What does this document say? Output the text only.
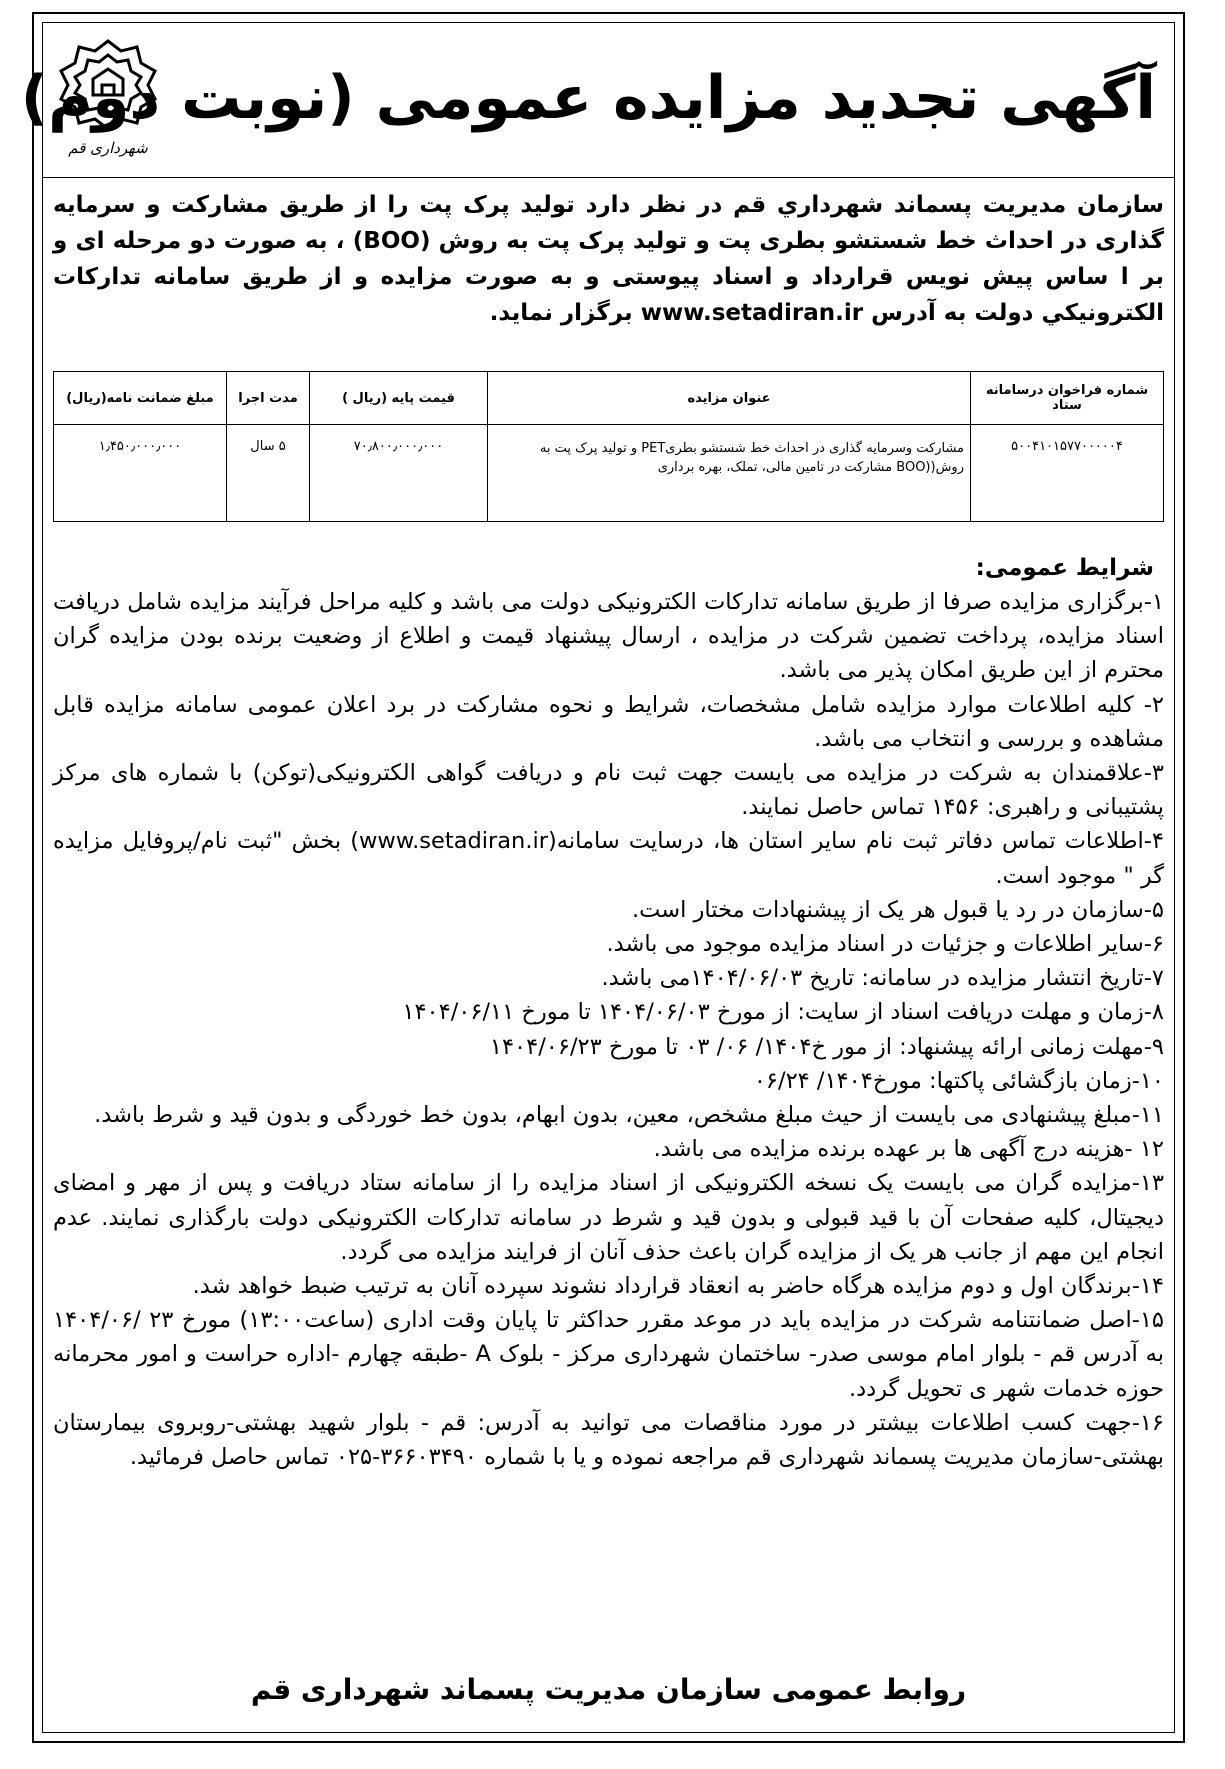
آگهی تجدید مزایده عمومی (نوبت دوم)
شهرداری قم
سازمان مدیریت پسماند شهرداري قم در نظر دارد تولید پرک پت را از طریق مشارکت و سرمایه گذاری در احداث خط شستشو بطری پت و تولید پرک پت به روش (BOO) ، به صورت دو مرحله ای و بر ا ساس پیش نویس قرارداد و اسناد پیوستی و به صورت مزایده و از طریق سامانه تدارکات الکترونیکي دولت به آدرس www.setadiran.ir برگزار نماید.
شماره فراخوان درسامانه ستاد	عنوان مزایده	قیمت پایه (ریال )	مدت اجرا	مبلغ ضمانت نامه(ریال)
۵۰۰۴۱۰۱۵۷۷۰۰۰۰۰۴	مشارکت وسرمایه گذاری در احداث خط شستشو بطریPET و تولید پرک پت به روش((BOO مشارکت در تامین مالی، تملک، بهره برداری	۷۰٫۸۰۰٫۰۰۰٫۰۰۰	۵ سال	۱٫۴۵۰٫۰۰۰٫۰۰۰
شرایط عمومی:
۱-برگزاری مزایده صرفا از طریق سامانه تدارکات الکترونیکی دولت می باشد و کلیه مراحل فرآیند مزایده شامل دریافت اسناد مزایده، پرداخت تضمین شرکت در مزایده ، ارسال پیشنهاد قیمت و اطلاع از وضعیت برنده بودن مزایده گران محترم از این طریق امکان پذیر می باشد.
۲- کلیه اطلاعات موارد مزایده شامل مشخصات، شرایط و نحوه مشارکت در برد اعلان عمومی سامانه مزایده قابل مشاهده و بررسی و انتخاب می باشد.
۳-علاقمندان به شرکت در مزایده می بایست جهت ثبت نام و دریافت گواهی الکترونیکی(توکن) با شماره های مرکز پشتیبانی و راهبری: ۱۴۵۶ تماس حاصل نمایند.
۴-اطلاعات تماس دفاتر ثبت نام سایر استان ها، درسایت سامانه(www.setadiran.ir) بخش "ثبت نام/پروفایل مزایده گر " موجود است.
۵-سازمان در رد یا قبول هر یک از پیشنهادات مختار است.
۶-سایر اطلاعات و جزئیات در اسناد مزایده موجود می باشد.
۷-تاریخ انتشار مزایده در سامانه: تاریخ ۱۴۰۴/۰۶/۰۳می باشد.
۸-زمان و مهلت دریافت اسناد از سایت: از مورخ ۱۴۰۴/۰۶/۰۳ تا مورخ ۱۴۰۴/۰۶/۱۱
۹-مهلت زمانی ارائه پیشنهاد: از مور خ۱۴۰۴/ ۰۶/ ۰۳ تا مورخ ۱۴۰۴/۰۶/۲۳
۱۰-زمان بازگشائی پاکتها: مورخ۱۴۰۴/ ۰۶/۲۴
۱۱-مبلغ پیشنهادی می بایست از حیث مبلغ مشخص، معین، بدون ابهام، بدون خط خوردگی و بدون قید و شرط باشد.
۱۲ -هزینه درج آگهی ها بر عهده برنده مزایده می باشد.
۱۳-مزایده گران می بایست یک نسخه الکترونیکی از اسناد مزایده را از سامانه ستاد دریافت و پس از مهر و امضای دیجیتال، کلیه صفحات آن با قید قبولی و بدون قید و شرط در سامانه تدارکات الکترونیکی دولت بارگذاری نمایند. عدم انجام این مهم از جانب هر یک از مزایده گران باعث حذف آنان از فرایند مزایده می گردد.
۱۴-برندگان اول و دوم مزایده هرگاه حاضر به انعقاد قرارداد نشوند سپرده آنان به ترتیب ضبط خواهد شد.
۱۵-اصل ضمانتنامه شرکت در مزایده باید در موعد مقرر حداکثر تا پایان وقت اداری (ساعت۱۳:۰۰) مورخ ۲۳ /۱۴۰۴/۰۶ به آدرس قم - بلوار امام موسی صدر- ساختمان شهرداری مرکز - بلوک A -طبقه چهارم -اداره حراست و امور محرمانه حوزه خدمات شهر ی تحویل گردد.
۱۶-جهت کسب اطلاعات بیشتر در مورد مناقصات می توانید به آدرس: قم - بلوار شهید بهشتی-روبروی بیمارستان بهشتی-سازمان مدیریت پسماند شهرداری قم مراجعه نموده و یا با شماره ۳۶۶۰۳۴۹۰-۰۲۵ تماس حاصل فرمائید.
روابط عمومی سازمان مدیریت پسماند شهرداری قم
